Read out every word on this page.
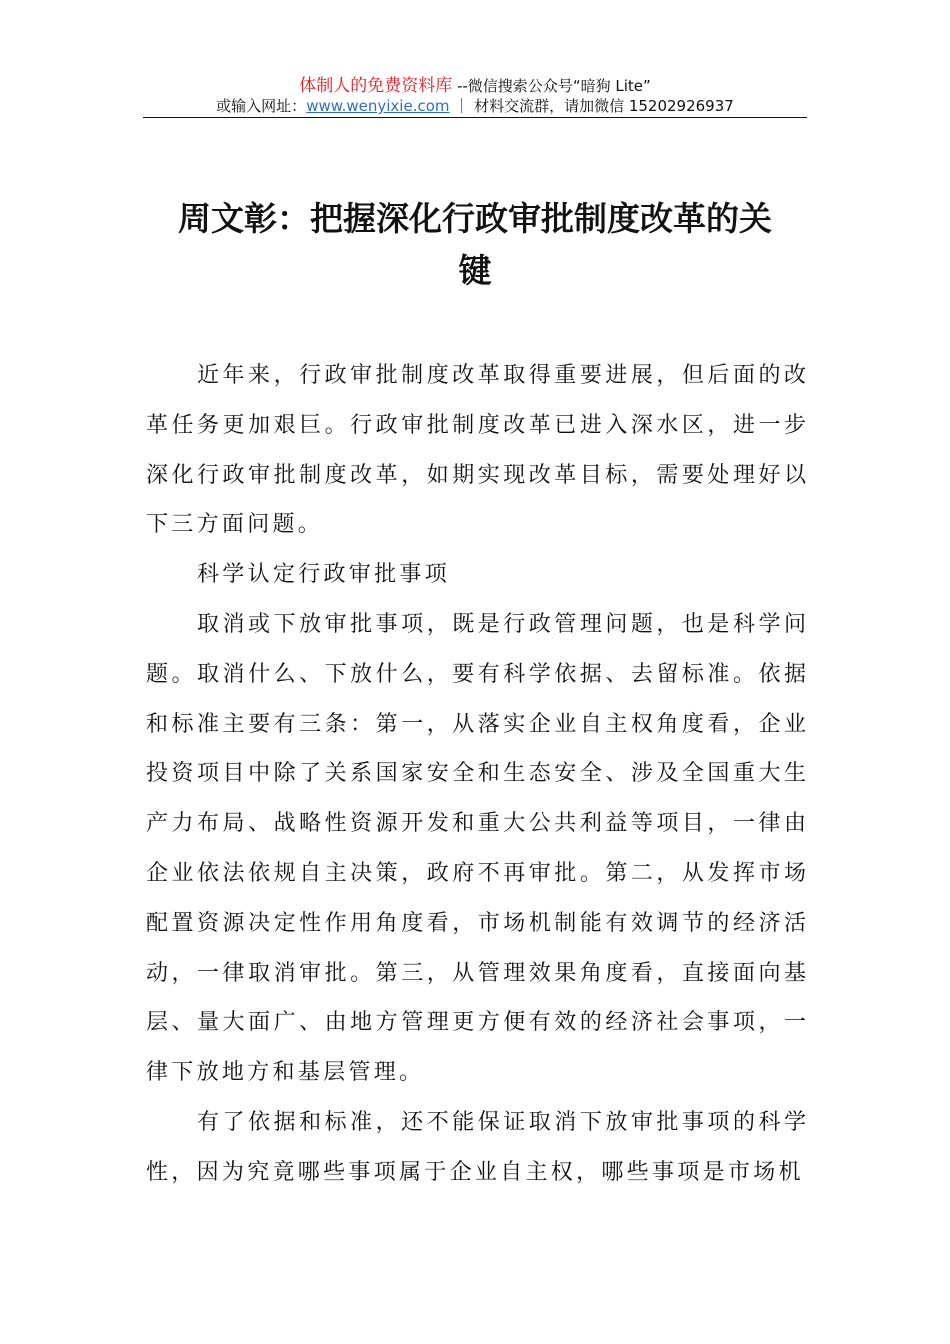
体制人的免费资料库 --微信搜索公众号“暗狗 Lite”
或输入网址：www.wenyixie.com ｜ 材料交流群，请加微信 15202926937
周文彰：把握深化行政审批制度改革的关
键
近年来，行政审批制度改革取得重要进展，但后面的改
革任务更加艰巨。行政审批制度改革已进入深水区，进一步
深化行政审批制度改革，如期实现改革目标，需要处理好以
下三方面问题。
科学认定行政审批事项
取消或下放审批事项，既是行政管理问题，也是科学问
题。取消什么、下放什么，要有科学依据、去留标准。依据
和标准主要有三条：第一，从落实企业自主权角度看，企业
投资项目中除了关系国家安全和生态安全、涉及全国重大生
产力布局、战略性资源开发和重大公共利益等项目，一律由
企业依法依规自主决策，政府不再审批。第二，从发挥市场
配置资源决定性作用角度看，市场机制能有效调节的经济活
动，一律取消审批。第三，从管理效果角度看，直接面向基
层、量大面广、由地方管理更方便有效的经济社会事项，一
律下放地方和基层管理。
有了依据和标准，还不能保证取消下放审批事项的科学
性，因为究竟哪些事项属于企业自主权，哪些事项是市场机
